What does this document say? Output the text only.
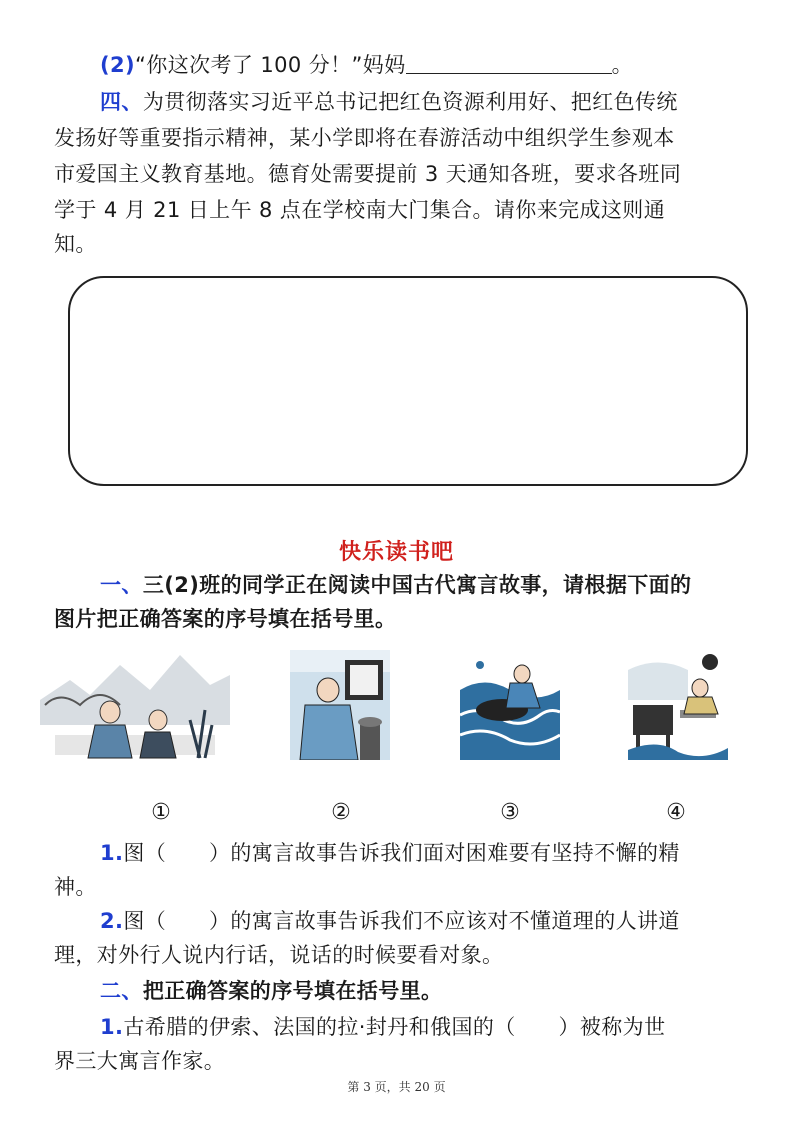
(2)“你这次考了 100 分！”妈妈	。
四、为贯彻落实习近平总书记把红色资源利用好、把红色传统
发扬好等重要指示精神，某小学即将在春游活动中组织学生参观本
市爱国主义教育基地。德育处需要提前 3 天通知各班，要求各班同
学于 4 月 21 日上午 8 点在学校南大门集合。请你来完成这则通
知。
快乐读书吧
一、三(2)班的同学正在阅读中国古代寓言故事，请根据下面的
图片把正确答案的序号填在括号里。
①	②	③	④
1.图（　　）的寓言故事告诉我们面对困难要有坚持不懈的精
神。
2.图（　　）的寓言故事告诉我们不应该对不懂道理的人讲道
理，对外行人说内行话，说话的时候要看对象。
二、把正确答案的序号填在括号里。
1.古希腊的伊索、法国的拉·封丹和俄国的（　　）被称为世
界三大寓言作家。
第 3 页，共 20 页
